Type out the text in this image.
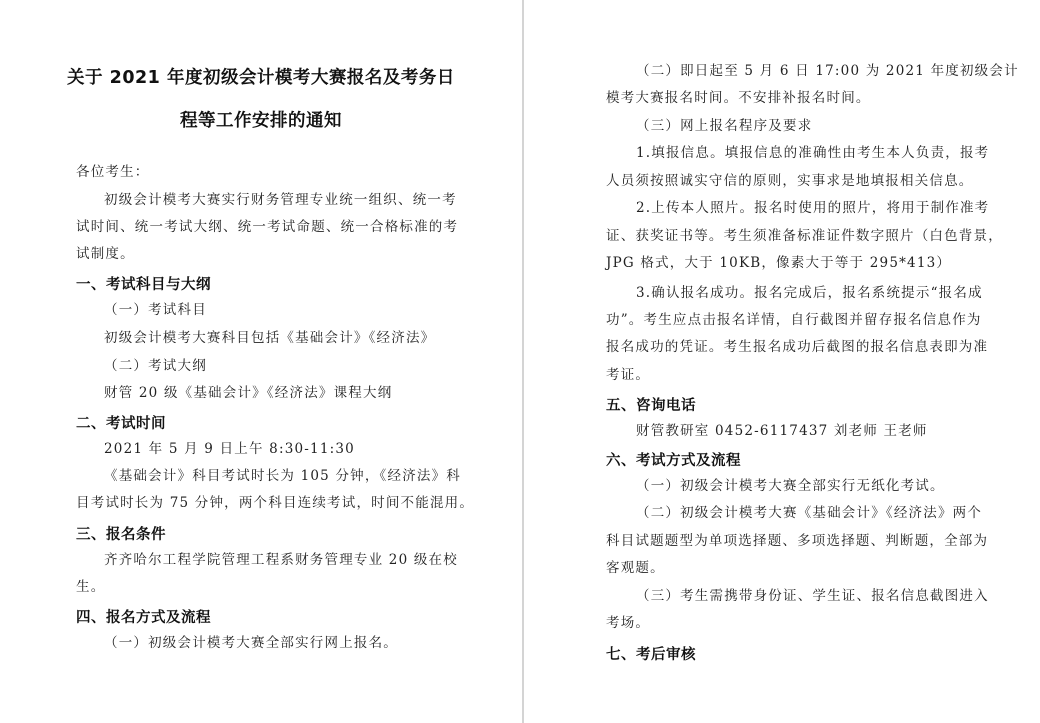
关于 2021 年度初级会计模考大赛报名及考务日
程等工作安排的通知
各位考生：
初级会计模考大赛实行财务管理专业统一组织、统一考
试时间、统一考试大纲、统一考试命题、统一合格标准的考
试制度。
一、考试科目与大纲
（一）考试科目
初级会计模考大赛科目包括《基础会计》《经济法》
（二）考试大纲
财管 20 级《基础会计》《经济法》课程大纲
二、考试时间
2021 年 5 月 9 日上午 8:30-11:30
《基础会计》科目考试时长为 105 分钟，《经济法》科
目考试时长为 75 分钟，两个科目连续考试，时间不能混用。
三、报名条件
齐齐哈尔工程学院管理工程系财务管理专业 20 级在校
生。
四、报名方式及流程
（一）初级会计模考大赛全部实行网上报名。
（二）即日起至 5 月 6 日 17:00 为 2021 年度初级会计
模考大赛报名时间。不安排补报名时间。
（三）网上报名程序及要求
1.填报信息。填报信息的准确性由考生本人负责，报考
人员须按照诚实守信的原则，实事求是地填报相关信息。
2.上传本人照片。报名时使用的照片，将用于制作准考
证、获奖证书等。考生须准备标准证件数字照片（白色背景，
JPG 格式，大于 10KB，像素大于等于 295*413）
3.确认报名成功。报名完成后，报名系统提示“报名成
功”。考生应点击报名详情，自行截图并留存报名信息作为
报名成功的凭证。考生报名成功后截图的报名信息表即为准
考证。
五、咨询电话
财管教研室 0452-6117437 刘老师 王老师
六、考试方式及流程
（一）初级会计模考大赛全部实行无纸化考试。
（二）初级会计模考大赛《基础会计》《经济法》两个
科目试题题型为单项选择题、多项选择题、判断题，全部为
客观题。
（三）考生需携带身份证、学生证、报名信息截图进入
考场。
七、考后审核
